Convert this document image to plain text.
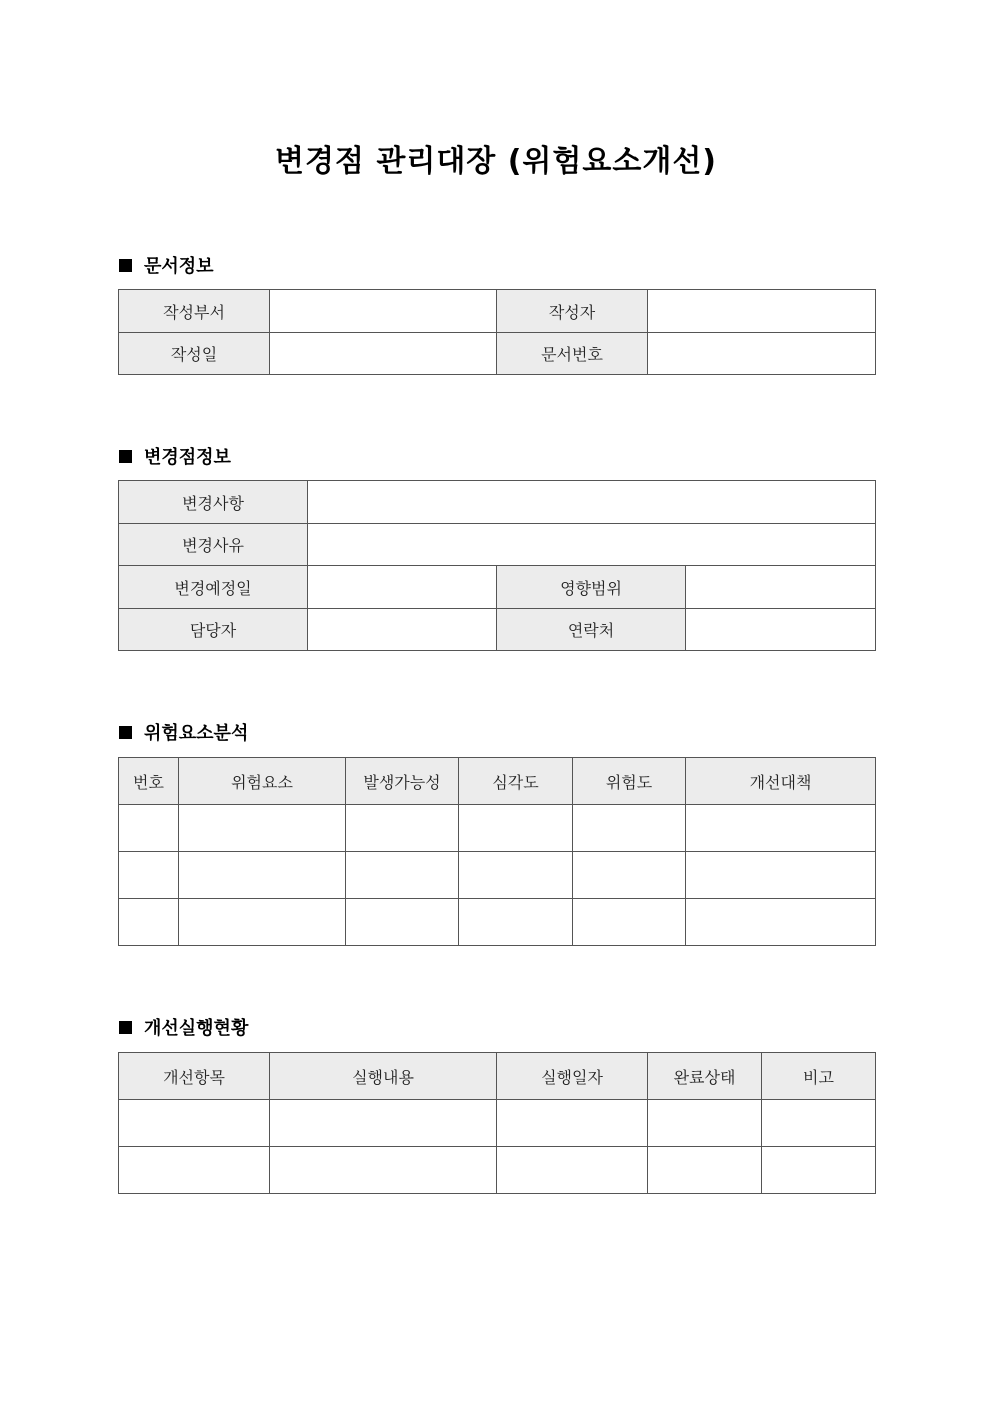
변경점 관리대장 (위험요소개선)
문서정보
작성부서		작성자	
작성일		문서번호	
변경점정보
변경사항			
변경사유			
변경예정일		영향범위	
담당자		연락처	
위험요소분석
번호	위험요소	발생가능성	심각도	위험도	개선대책

개선실행현황
개선항목	실행내용	실행일자	완료상태	비고
